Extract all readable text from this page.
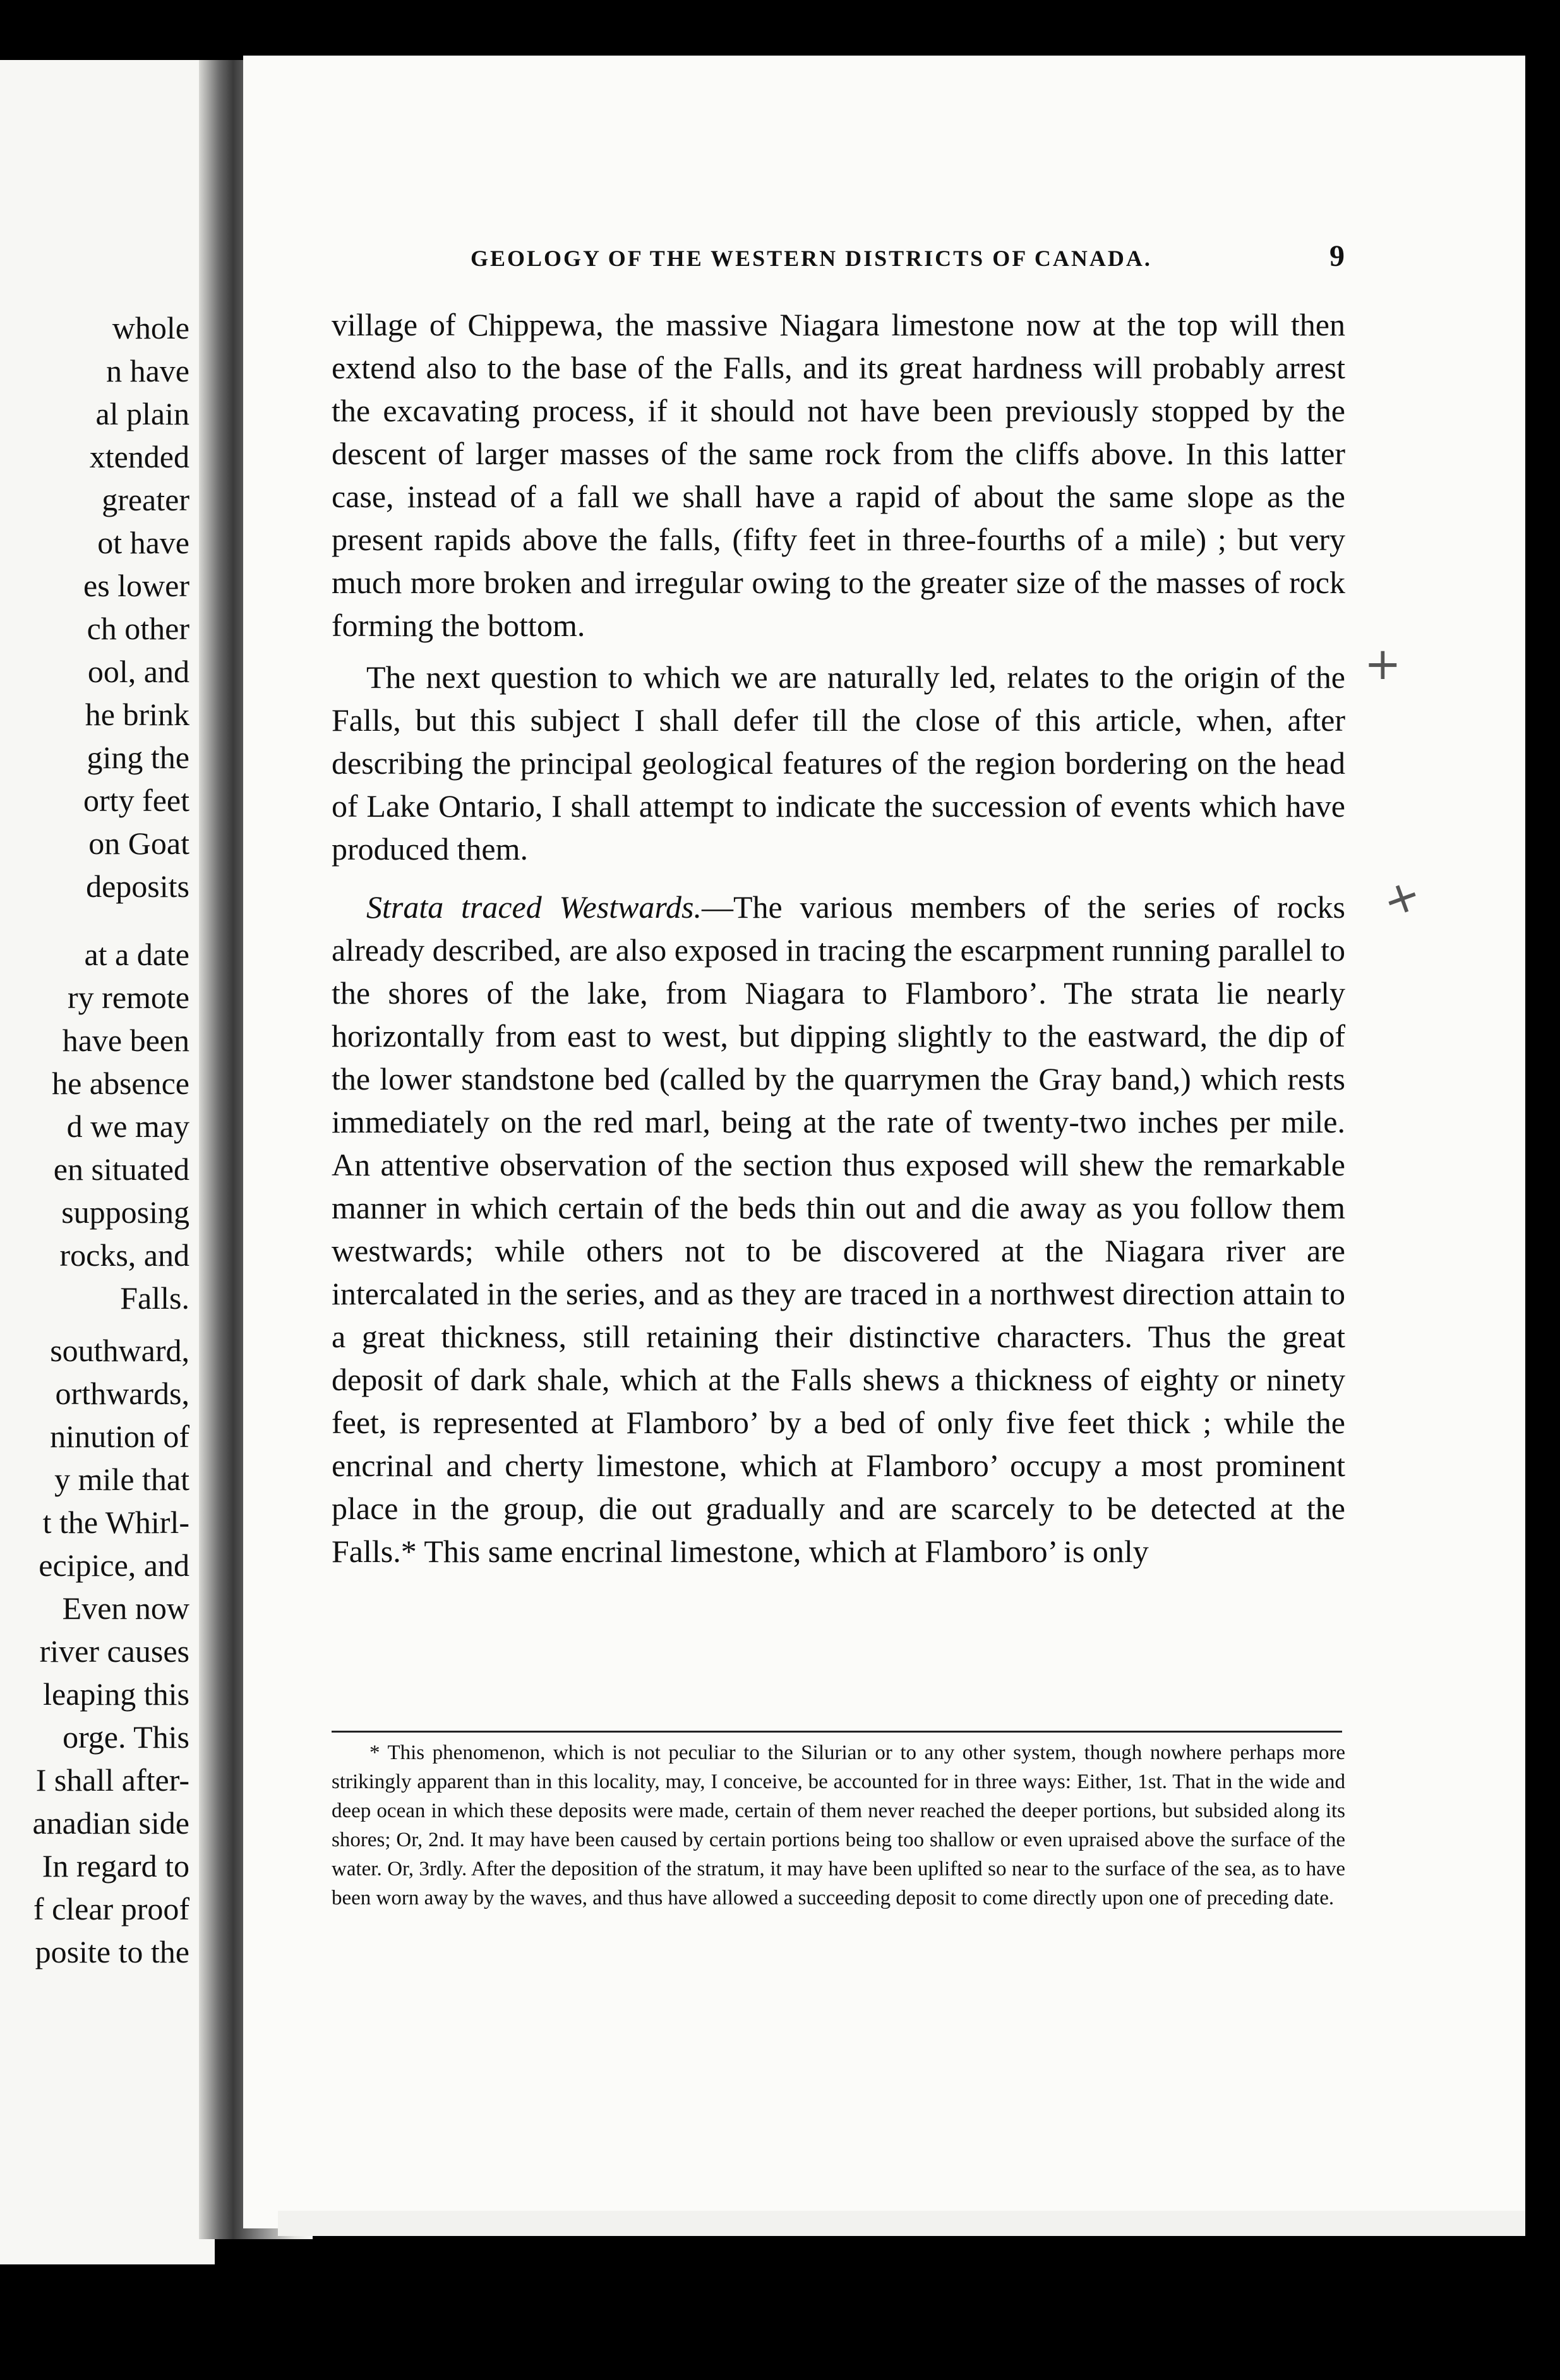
whole
n have
al plain
xtended
greater
ot have
es lower
ch other
ool, and
he brink
ging the
orty feet
on Goat
deposits
at a date
ry remote
have been
he absence
d we may
en situated
supposing
rocks, and
Falls.
southward,
orthwards,
ninution of
y mile that
t the Whirl-
ecipice, and
Even now
river causes
leaping this
orge. This
I shall after-
anadian side
In regard to
f clear proof
posite to the
GEOLOGY OF THE WESTERN DISTRICTS OF CANADA.	9

village of Chippewa, the massive Niagara limestone now at the top will then extend also to the base of the Falls, and its great hardness will probably arrest the excavating process, if it should not have been previously stopped by the descent of larger masses of the same rock from the cliffs above. In this latter case, instead of a fall we shall have a rapid of about the same slope as the present rapids above the falls, (fifty feet in three-fourths of a mile) ; but very much more broken and irregular owing to the greater size of the masses of rock forming the bottom.

The next question to which we are naturally led, relates to the origin of the Falls, but this subject I shall defer till the close of this article, when, after describing the principal geological features of the region bordering on the head of Lake Ontario, I shall attempt to indicate the succession of events which have produced them.

Strata traced Westwards.—The various members of the series of rocks already described, are also exposed in tracing the escarpment running parallel to the shores of the lake, from Niagara to Flamboro’. The strata lie nearly horizontally from east to west, but dipping slightly to the eastward, the dip of the lower standstone bed (called by the quarrymen the Gray band,) which rests immediately on the red marl, being at the rate of twenty-two inches per mile. An attentive observation of the section thus exposed will shew the remarkable manner in which certain of the beds thin out and die away as you follow them westwards; while others not to be discovered at the Niagara river are intercalated in the series, and as they are traced in a northwest direction attain to a great thickness, still retaining their distinctive characters. Thus the great deposit of dark shale, which at the Falls shews a thickness of eighty or ninety feet, is represented at Flamboro’ by a bed of only five feet thick ; while the encrinal and cherty limestone, which at Flamboro’ occupy a most prominent place in the group, die out gradually and are scarcely to be detected at the Falls.* This same encrinal limestone, which at Flamboro’ is only

* This phenomenon, which is not peculiar to the Silurian or to any other system, though nowhere perhaps more strikingly apparent than in this locality, may, I conceive, be accounted for in three ways: Either, 1st. That in the wide and deep ocean in which these deposits were made, certain of them never reached the deeper portions, but subsided along its shores; Or, 2nd. It may have been caused by certain portions being too shallow or even upraised above the surface of the water. Or, 3rdly. After the deposition of the stratum, it may have been uplifted so near to the surface of the sea, as to have been worn away by the waves, and thus have allowed a succeeding deposit to come directly upon one of preceding date.

+
+
